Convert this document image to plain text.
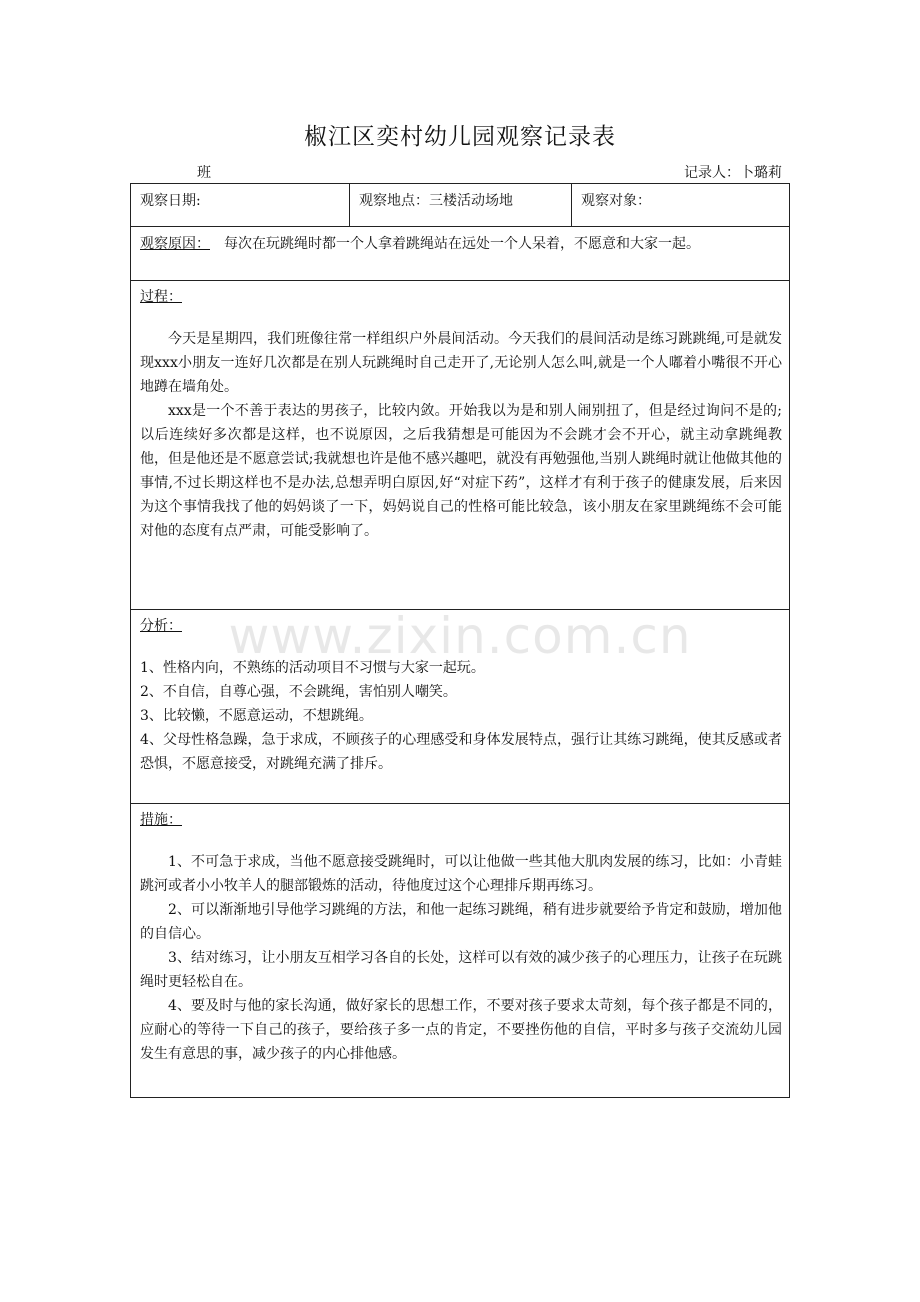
椒江区奕村幼儿园观察记录表
班	记录人：卜璐莉
观察日期:	观察地点：三楼活动场地	观察对象：
观察原因： 每次在玩跳绳时都一个人拿着跳绳站在远处一个人呆着，不愿意和大家一起。
过程：

今天是星期四，我们班像往常一样组织户外晨间活动。今天我们的晨间活动是练习跳跳绳,可是就发现xxx小朋友一连好几次都是在别人玩跳绳时自己走开了,无论别人怎么叫,就是一个人嘟着小嘴很不开心地蹲在墙角处。

xxx是一个不善于表达的男孩子，比较内敛。开始我以为是和别人闹别扭了，但是经过询问不是的;以后连续好多次都是这样，也不说原因，之后我猜想是可能因为不会跳才会不开心，就主动拿跳绳教他，但是他还是不愿意尝试;我就想也许是他不感兴趣吧，就没有再勉强他,当别人跳绳时就让他做其他的事情,不过长期这样也不是办法,总想弄明白原因,好“对症下药”，这样才有利于孩子的健康发展，后来因为这个事情我找了他的妈妈谈了一下，妈妈说自己的性格可能比较急，该小朋友在家里跳绳练不会可能对他的态度有点严肃，可能受影响了。

分析：

1、性格内向，不熟练的活动项目不习惯与大家一起玩。

2、不自信，自尊心强，不会跳绳，害怕别人嘲笑。

3、比较懒，不愿意运动，不想跳绳。

4、父母性格急躁，急于求成，不顾孩子的心理感受和身体发展特点，强行让其练习跳绳，使其反感或者恐惧，不愿意接受，对跳绳充满了排斥。

措施：

1、不可急于求成，当他不愿意接受跳绳时，可以让他做一些其他大肌肉发展的练习，比如：小青蛙跳河或者小小牧羊人的腿部锻炼的活动，待他度过这个心理排斥期再练习。

2、可以渐渐地引导他学习跳绳的方法，和他一起练习跳绳，稍有进步就要给予肯定和鼓励，增加他的自信心。

3、结对练习，让小朋友互相学习各自的长处，这样可以有效的减少孩子的心理压力，让孩子在玩跳绳时更轻松自在。

4、要及时与他的家长沟通，做好家长的思想工作，不要对孩子要求太苛刻，每个孩子都是不同的，应耐心的等待一下自己的孩子，要给孩子多一点的肯定，不要挫伤他的自信，平时多与孩子交流幼儿园发生有意思的事，减少孩子的内心排他感。

www.zixin.com.cn
